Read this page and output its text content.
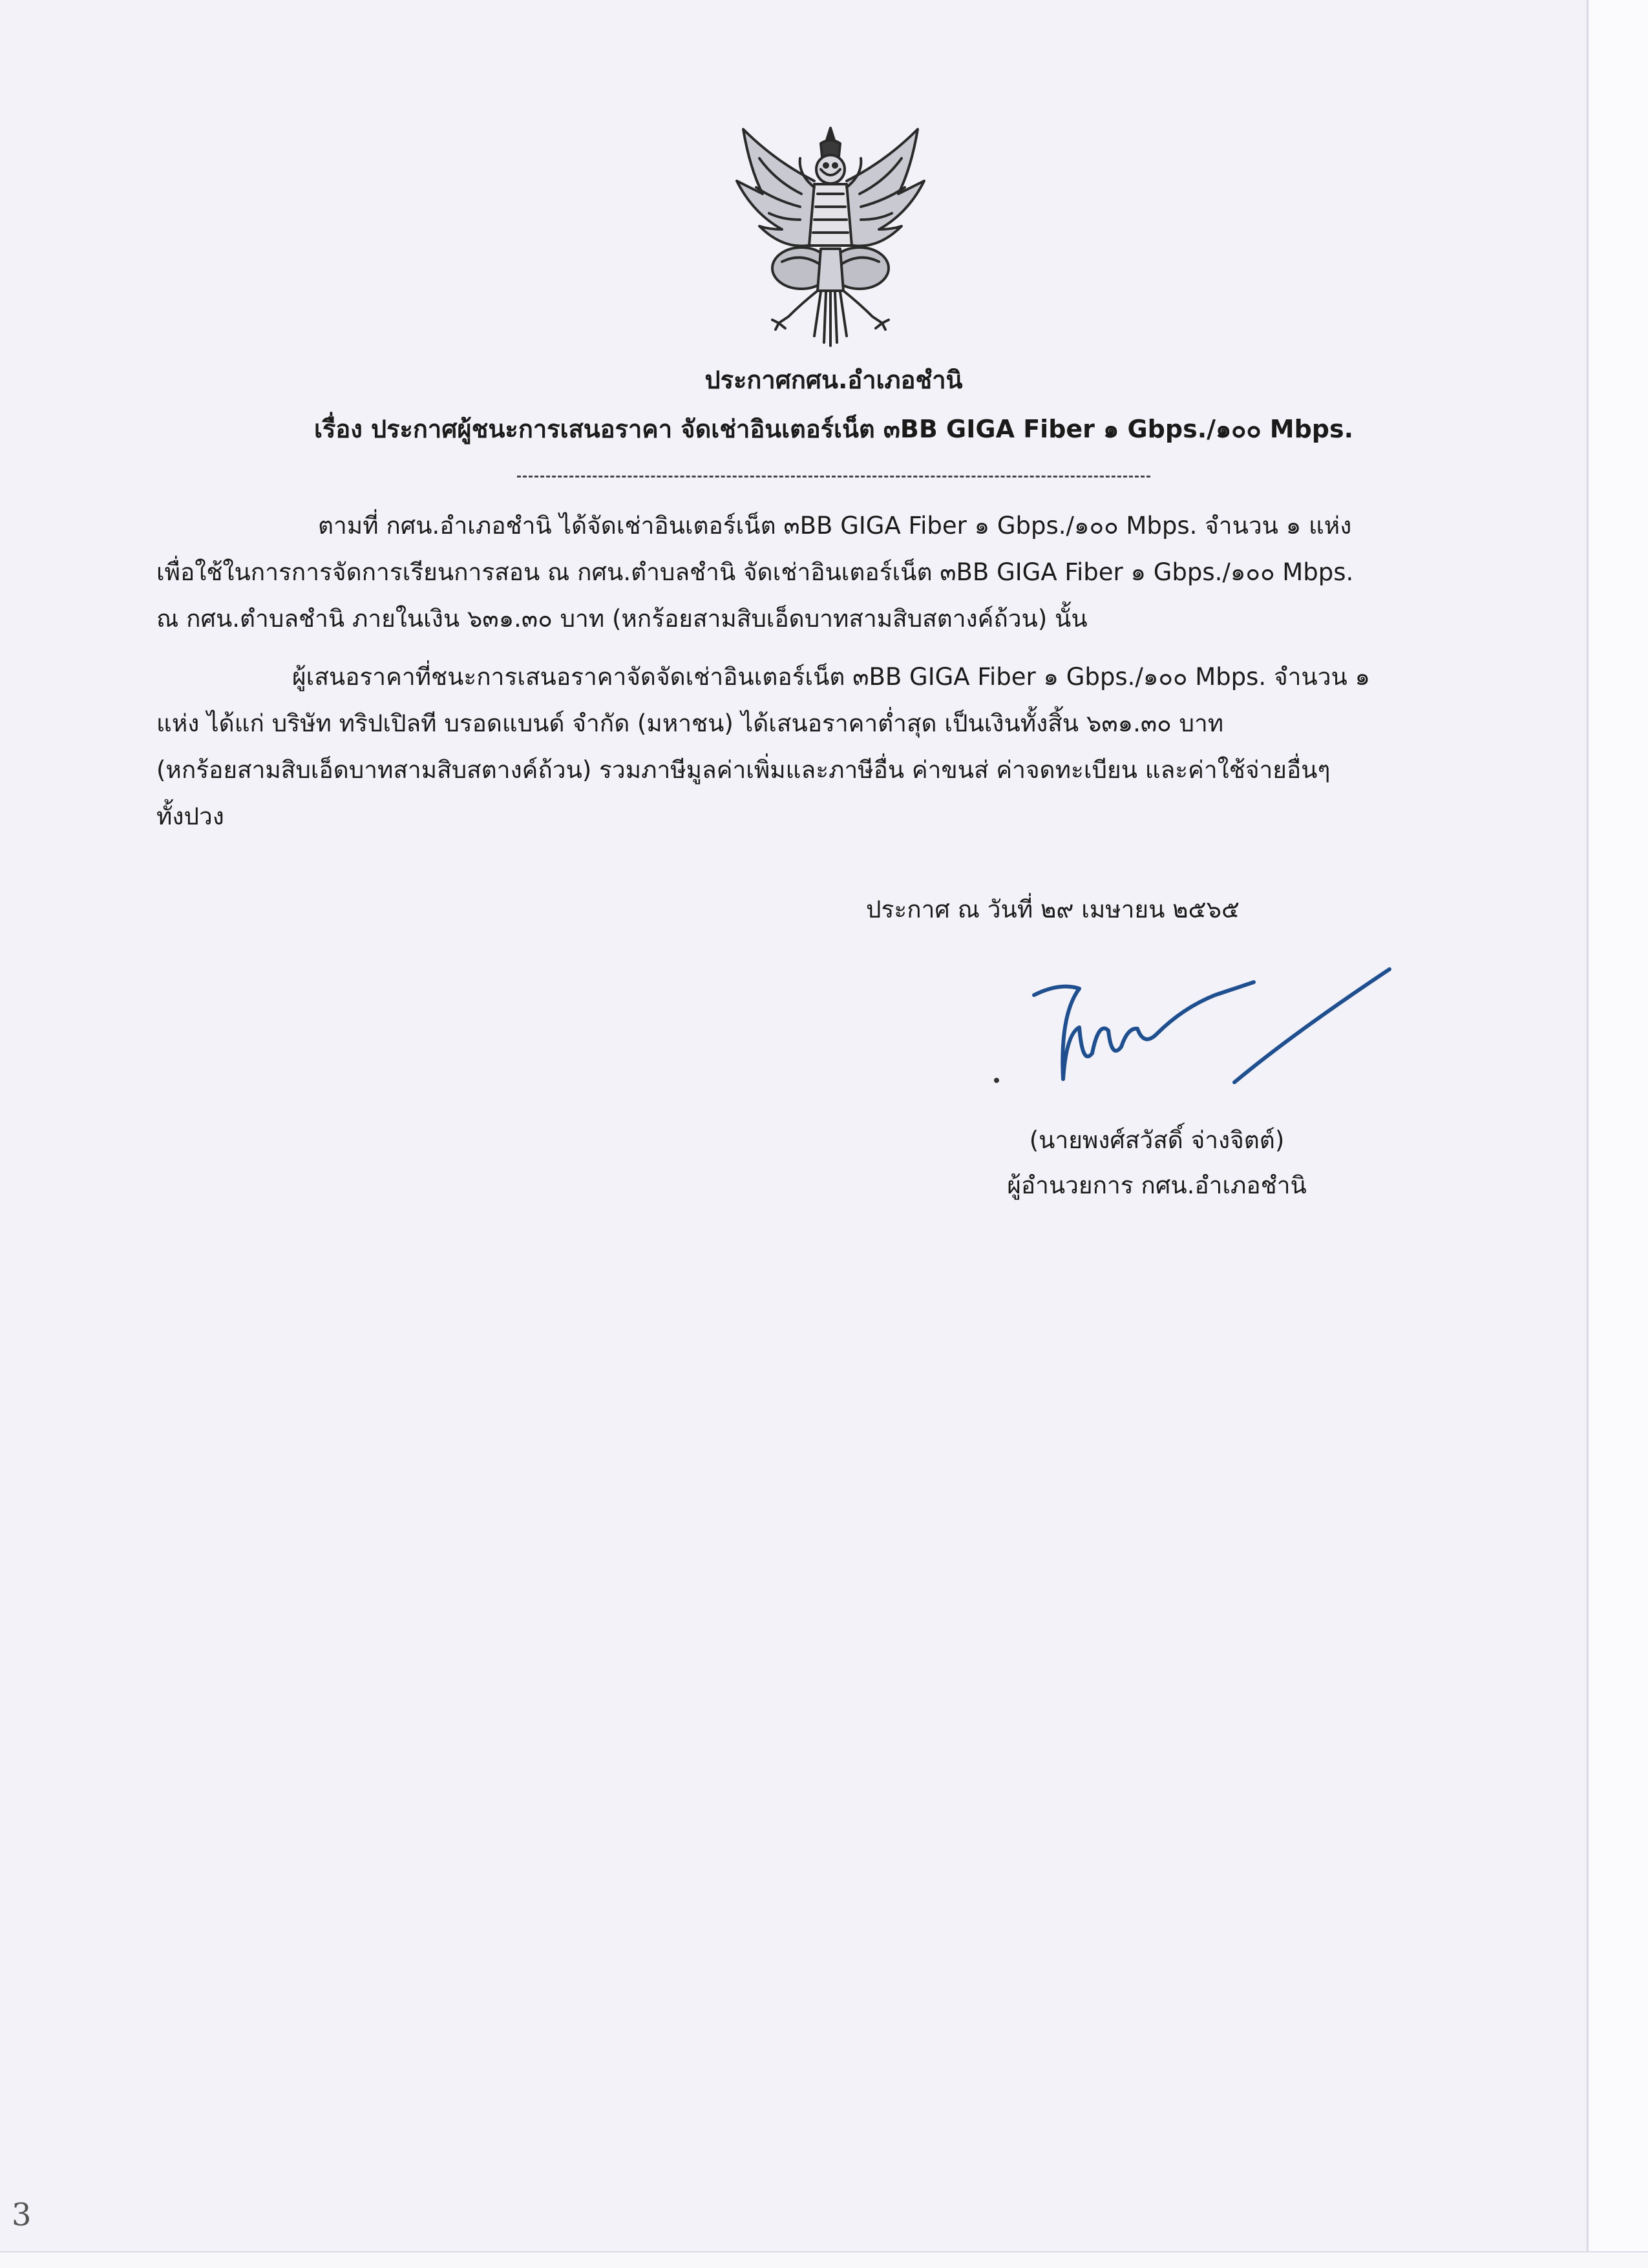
ประกาศกศน.อำเภอชำนิ

เรื่อง ประกาศผู้ชนะการเสนอราคา จัดเช่าอินเตอร์เน็ต ๓BB GIGA Fiber ๑ Gbps./๑๐๐ Mbps.

ตามที่ กศน.อำเภอชำนิ ได้จัดเช่าอินเตอร์เน็ต ๓BB GIGA Fiber ๑ Gbps./๑๐๐ Mbps. จำนวน ๑ แห่ง

เพื่อใช้ในการการจัดการเรียนการสอน ณ กศน.ตำบลชำนิ จัดเช่าอินเตอร์เน็ต ๓BB GIGA Fiber ๑ Gbps./๑๐๐ Mbps.

ณ กศน.ตำบลชำนิ ภายในเงิน ๖๓๑.๓๐ บาท (หกร้อยสามสิบเอ็ดบาทสามสิบสตางค์ถ้วน) นั้น

ผู้เสนอราคาที่ชนะการเสนอราคาจัดจัดเช่าอินเตอร์เน็ต ๓BB GIGA Fiber ๑ Gbps./๑๐๐ Mbps. จำนวน ๑

แห่ง ได้แก่ บริษัท ทริปเปิลที บรอดแบนด์ จำกัด (มหาชน) ได้เสนอราคาต่ำสุด เป็นเงินทั้งสิ้น ๖๓๑.๓๐ บาท

(หกร้อยสามสิบเอ็ดบาทสามสิบสตางค์ถ้วน) รวมภาษีมูลค่าเพิ่มและภาษีอื่น ค่าขนส่ ค่าจดทะเบียน และค่าใช้จ่ายอื่นๆ

ทั้งปวง

ประกาศ ณ วันที่ ๒๙ เมษายน ๒๕๖๕

(นายพงศ์สวัสดิ์ จ่างจิตต์)

ผู้อำนวยการ กศน.อำเภอชำนิ

3
